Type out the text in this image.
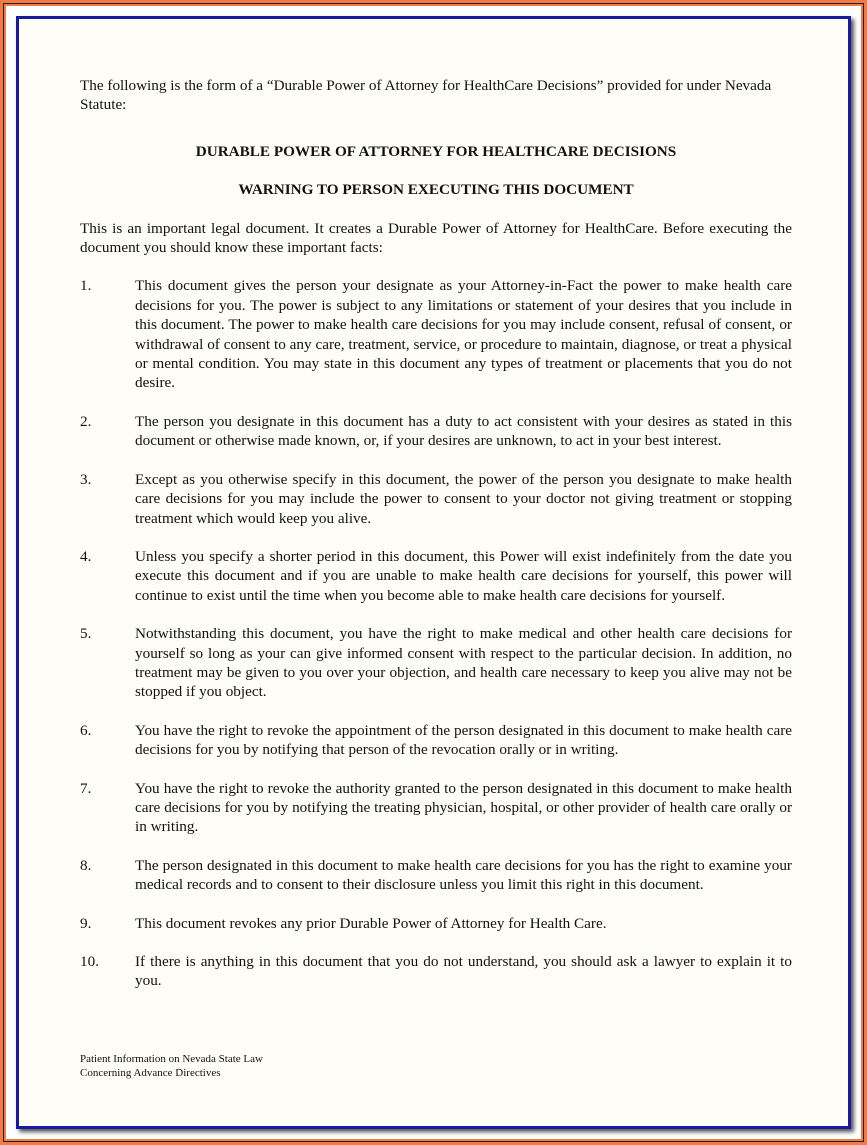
The following is the form of a “Durable Power of Attorney for HealthCare Decisions” provided for under Nevada Statute:

DURABLE POWER OF ATTORNEY FOR HEALTHCARE DECISIONS
WARNING TO PERSON EXECUTING THIS DOCUMENT

This is an important legal document. It creates a Durable Power of Attorney for HealthCare. Before executing the document you should know these important facts:

1.	This document gives the person your designate as your Attorney-in-Fact the power to make health care decisions for you. The power is subject to any limitations or statement of your desires that you include in this document. The power to make health care decisions for you may include consent, refusal of consent, or withdrawal of consent to any care, treatment, service, or procedure to maintain, diagnose, or treat a physical or mental condition. You may state in this document any types of treatment or placements that you do not desire.
2.	The person you designate in this document has a duty to act consistent with your desires as stated in this document or otherwise made known, or, if your desires are unknown, to act in your best interest.
3.	Except as you otherwise specify in this document, the power of the person you designate to make health care decisions for you may include the power to consent to your doctor not giving treatment or stopping treatment which would keep you alive.
4.	Unless you specify a shorter period in this document, this Power will exist indefinitely from the date you execute this document and if you are unable to make health care decisions for yourself, this power will continue to exist until the time when you become able to make health care decisions for yourself.
5.	Notwithstanding this document, you have the right to make medical and other health care decisions for yourself so long as your can give informed consent with respect to the particular decision. In addition, no treatment may be given to you over your objection, and health care necessary to keep you alive may not be stopped if you object.
6.	You have the right to revoke the appointment of the person designated in this document to make health care decisions for you by notifying that person of the revocation orally or in writing.
7.	You have the right to revoke the authority granted to the person designated in this document to make health care decisions for you by notifying the treating physician, hospital, or other provider of health care orally or in writing.
8.	The person designated in this document to make health care decisions for you has the right to examine your medical records and to consent to their disclosure unless you limit this right in this document.
9.	This document revokes any prior Durable Power of Attorney for Health Care.
10.	If there is anything in this document that you do not understand, you should ask a lawyer to explain it to you.
Patient Information on Nevada State Law
Concerning Advance Directives
